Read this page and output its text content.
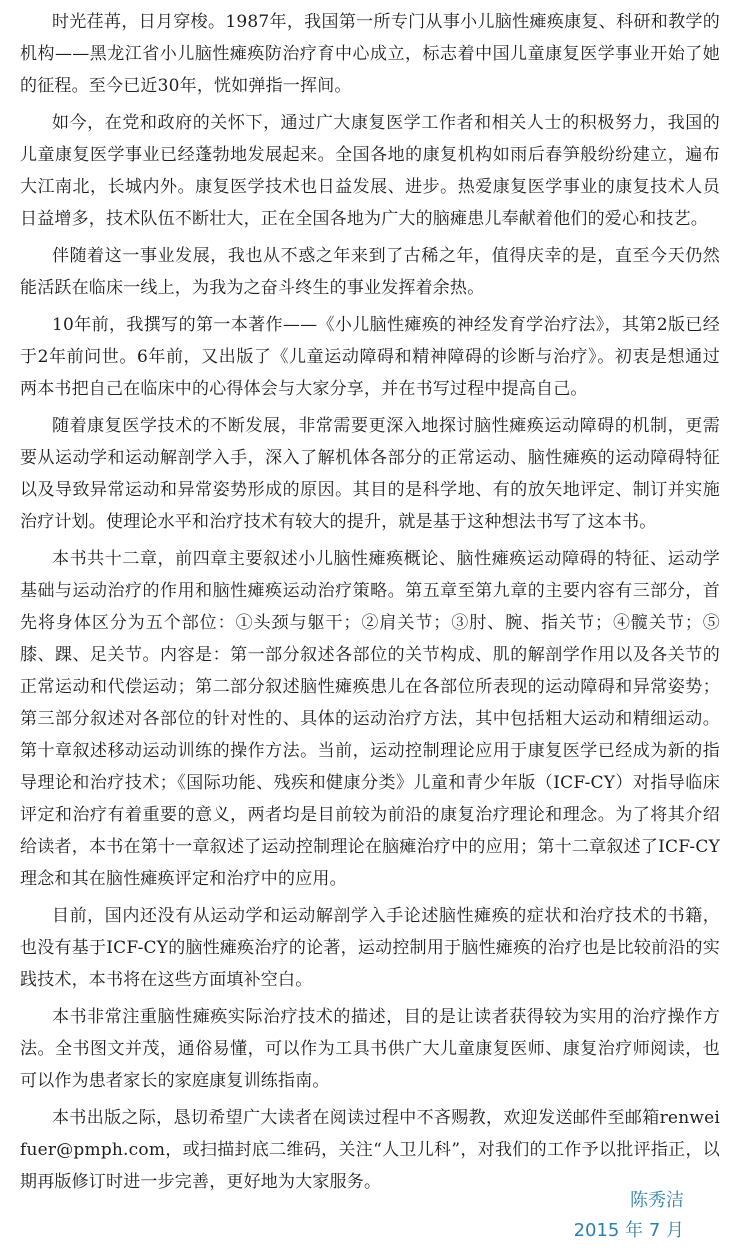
时光荏苒，日月穿梭。1987年，我国第一所专门从事小儿脑性瘫痪康复、科研和教学的机构——黑龙江省小儿脑性瘫痪防治疗育中心成立，标志着中国儿童康复医学事业开始了她的征程。至今已近30年，恍如弹指一挥间。

如今，在党和政府的关怀下，通过广大康复医学工作者和相关人士的积极努力，我国的儿童康复医学事业已经蓬勃地发展起来。全国各地的康复机构如雨后春笋般纷纷建立，遍布大江南北，长城内外。康复医学技术也日益发展、进步。热爱康复医学事业的康复技术人员日益增多，技术队伍不断壮大，正在全国各地为广大的脑瘫患儿奉献着他们的爱心和技艺。

伴随着这一事业发展，我也从不惑之年来到了古稀之年，值得庆幸的是，直至今天仍然能活跃在临床一线上，为我为之奋斗终生的事业发挥着余热。

10年前，我撰写的第一本著作——《小儿脑性瘫痪的神经发育学治疗法》，其第2版已经于2年前问世。6年前，又出版了《儿童运动障碍和精神障碍的诊断与治疗》。初衷是想通过两本书把自己在临床中的心得体会与大家分享，并在书写过程中提高自己。

随着康复医学技术的不断发展，非常需要更深入地探讨脑性瘫痪运动障碍的机制，更需要从运动学和运动解剖学入手，深入了解机体各部分的正常运动、脑性瘫痪的运动障碍特征以及导致异常运动和异常姿势形成的原因。其目的是科学地、有的放矢地评定、制订并实施治疗计划。使理论水平和治疗技术有较大的提升，就是基于这种想法书写了这本书。

本书共十二章，前四章主要叙述小儿脑性瘫痪概论、脑性瘫痪运动障碍的特征、运动学基础与运动治疗的作用和脑性瘫痪运动治疗策略。第五章至第九章的主要内容有三部分，首先将身体区分为五个部位：①头颈与躯干；②肩关节；③肘、腕、指关节；④髋关节；⑤膝、踝、足关节。内容是：第一部分叙述各部位的关节构成、肌的解剖学作用以及各关节的正常运动和代偿运动；第二部分叙述脑性瘫痪患儿在各部位所表现的运动障碍和异常姿势；第三部分叙述对各部位的针对性的、具体的运动治疗方法，其中包括粗大运动和精细运动。第十章叙述移动运动训练的操作方法。当前，运动控制理论应用于康复医学已经成为新的指导理论和治疗技术；《国际功能、残疾和健康分类》儿童和青少年版（ICF-CY）对指导临床评定和治疗有着重要的意义，两者均是目前较为前沿的康复治疗理论和理念。为了将其介绍给读者，本书在第十一章叙述了运动控制理论在脑瘫治疗中的应用；第十二章叙述了ICF-CY理念和其在脑性瘫痪评定和治疗中的应用。

目前，国内还没有从运动学和运动解剖学入手论述脑性瘫痪的症状和治疗技术的书籍，也没有基于ICF-CY的脑性瘫痪治疗的论著，运动控制用于脑性瘫痪的治疗也是比较前沿的实践技术，本书将在这些方面填补空白。

本书非常注重脑性瘫痪实际治疗技术的描述，目的是让读者获得较为实用的治疗操作方法。全书图文并茂，通俗易懂，可以作为工具书供广大儿童康复医师、康复治疗师阅读，也可以作为患者家长的家庭康复训练指南。

本书出版之际，恳切希望广大读者在阅读过程中不吝赐教，欢迎发送邮件至邮箱renweifuer@pmph.com，或扫描封底二维码，关注“人卫儿科”，对我们的工作予以批评指正，以期再版修订时进一步完善，更好地为大家服务。

陈秀洁
2015 年 7 月
